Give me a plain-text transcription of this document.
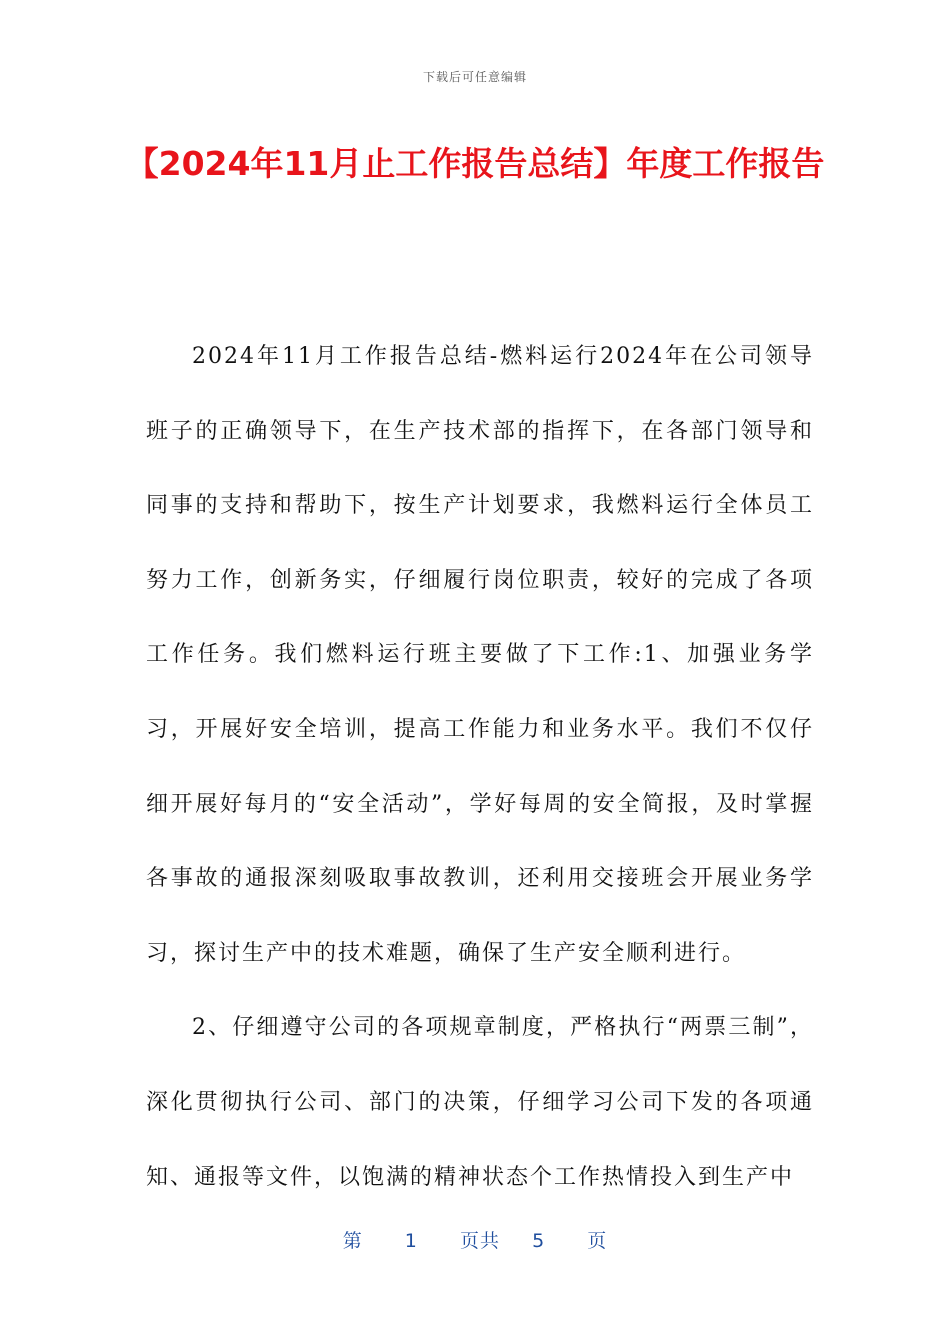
下载后可任意编辑
【2024年11月止工作报告总结】年度工作报告

2024年11月工作报告总结-燃料运行2024年在公司领导班子的正确领导下，在生产技术部的指挥下，在各部门领导和同事的支持和帮助下，按生产计划要求，我燃料运行全体员工努力工作，创新务实，仔细履行岗位职责，较好的完成了各项工作任务。我们燃料运行班主要做了下工作:1、加强业务学习，开展好安全培训，提高工作能力和业务水平。我们不仅仔细开展好每月的“安全活动”，学好每周的安全简报，及时掌握各事故的通报深刻吸取事故教训，还利用交接班会开展业务学习，探讨生产中的技术难题，确保了生产安全顺利进行。

2、仔细遵守公司的各项规章制度，严格执行“两票三制”，深化贯彻执行公司、部门的决策，仔细学习公司下发的各项通知、通报等文件，以饱满的精神状态个工作热情投入到生产中

第 1 页共 5 页
